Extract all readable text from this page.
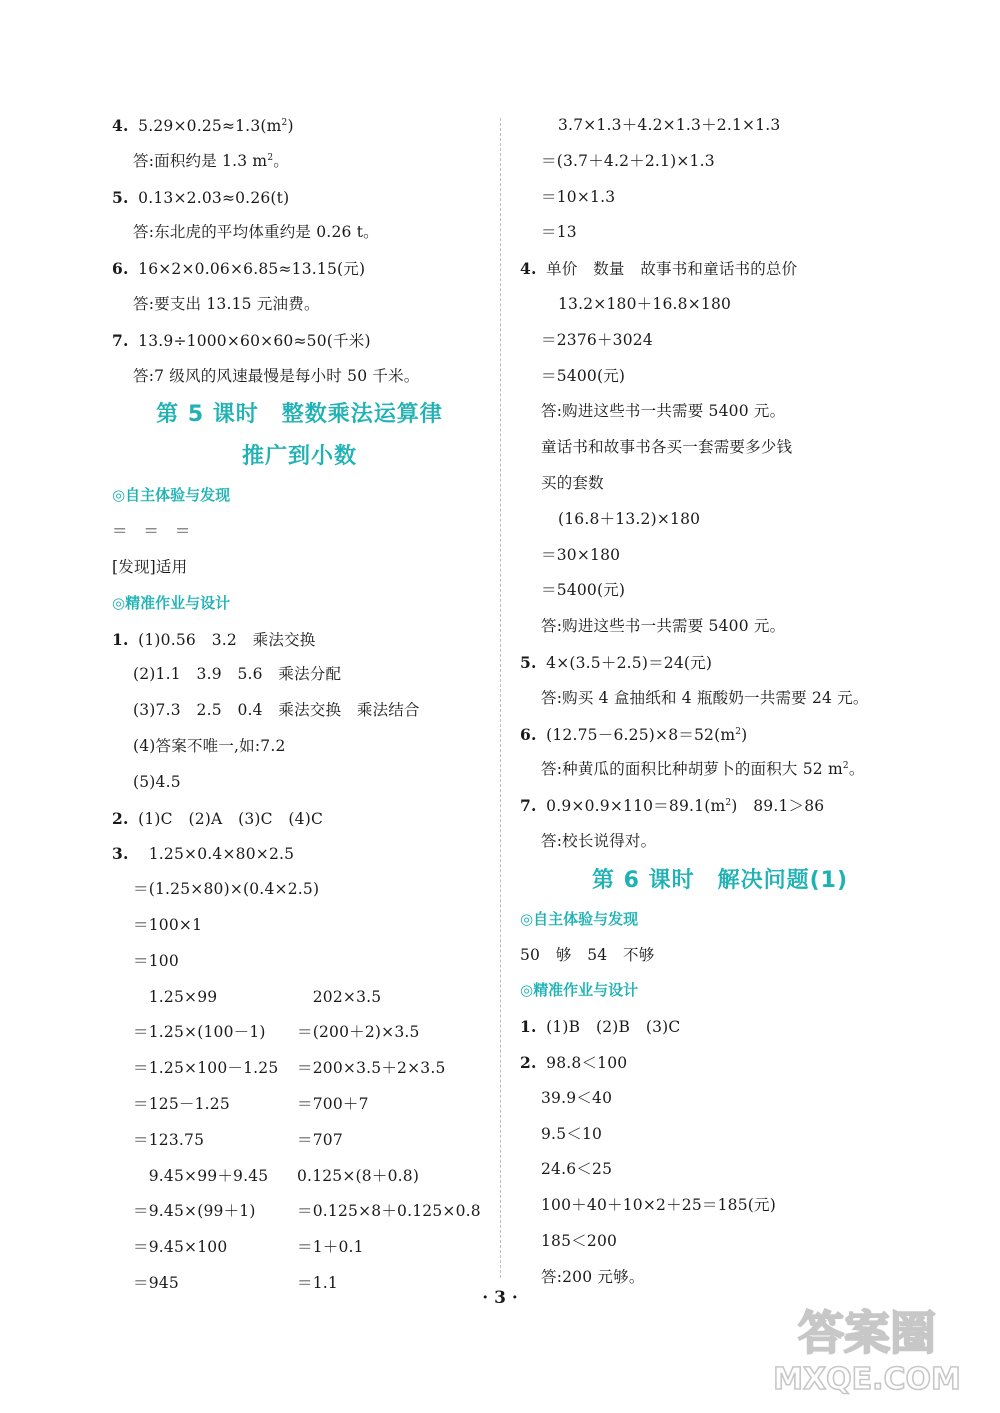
4. $5.29\times 0.25\approx 1.3(m^2)$
答:面积约是 1.3 $m^2$。
5. 0.13×2.03≈0.26(t)
答:东北虎的平均体重约是 0.26 t。
6. 16×2×0.06×6.85≈13.15(元)
答:要支出 13.15 元油费。
7. 13.9÷1000×60×60≈50(千米)
答:7 级风的风速最慢是每小时 50 千米。
第 5 课时　整数乘法运算律
推广到小数
◎自主体验与发现
＝　＝　＝
[发现]适用
◎精准作业与设计
1. (1)0.56　3.2　乘法交换
(2)1.1　3.9　5.6　乘法分配
(3)7.3　2.5　0.4　乘法交换　乘法结合
(4)答案不唯一,如:7.2
(5)4.5
2. (1)C　(2)A　(3)C　(4)C
3.　1.25×0.4×80×2.5
＝(1.25×80)×(0.4×2.5)
＝100×1
＝100
　1.25×99	　202×3.5
＝1.25×(100－1)	＝(200＋2)×3.5
＝1.25×100－1.25	＝200×3.5＋2×3.5
＝125－1.25	＝700＋7
＝123.75	＝707
　9.45×99＋9.45	0.125×(8＋0.8)
＝9.45×(99＋1)	＝0.125×8＋0.125×0.8
＝9.45×100	＝1＋0.1
＝945	＝1.1
3.7×1.3＋4.2×1.3＋2.1×1.3
＝(3.7＋4.2＋2.1)×1.3
＝10×1.3
＝13
4. 单价　数量　故事书和童话书的总价
13.2×180＋16.8×180
＝2376＋3024
＝5400(元)
答:购进这些书一共需要 5400 元。
童话书和故事书各买一套需要多少钱
买的套数
(16.8＋13.2)×180
＝30×180
＝5400(元)
答:购进这些书一共需要 5400 元。
5. 4×(3.5＋2.5)＝24(元)
答:购买 4 盒抽纸和 4 瓶酸奶一共需要 24 元。
6. $(12.75-6.25)\times 8=52(m^2)$
答:种黄瓜的面积比种胡萝卜的面积大 52 $m^2$。
7. $0.9\times 0.9\times 110=89.1(m^2)$　89.1＞86
答:校长说得对。
第 6 课时　解决问题(1)
◎自主体验与发现
50　够　54　不够
◎精准作业与设计
1. (1)B　(2)B　(3)C
2. 98.8＜100
39.9＜40
9.5＜10
24.6＜25
100＋40＋10×2＋25＝185(元)
185＜200
答:200 元够。
· 3 ·
答案圈
MXQE.COM
